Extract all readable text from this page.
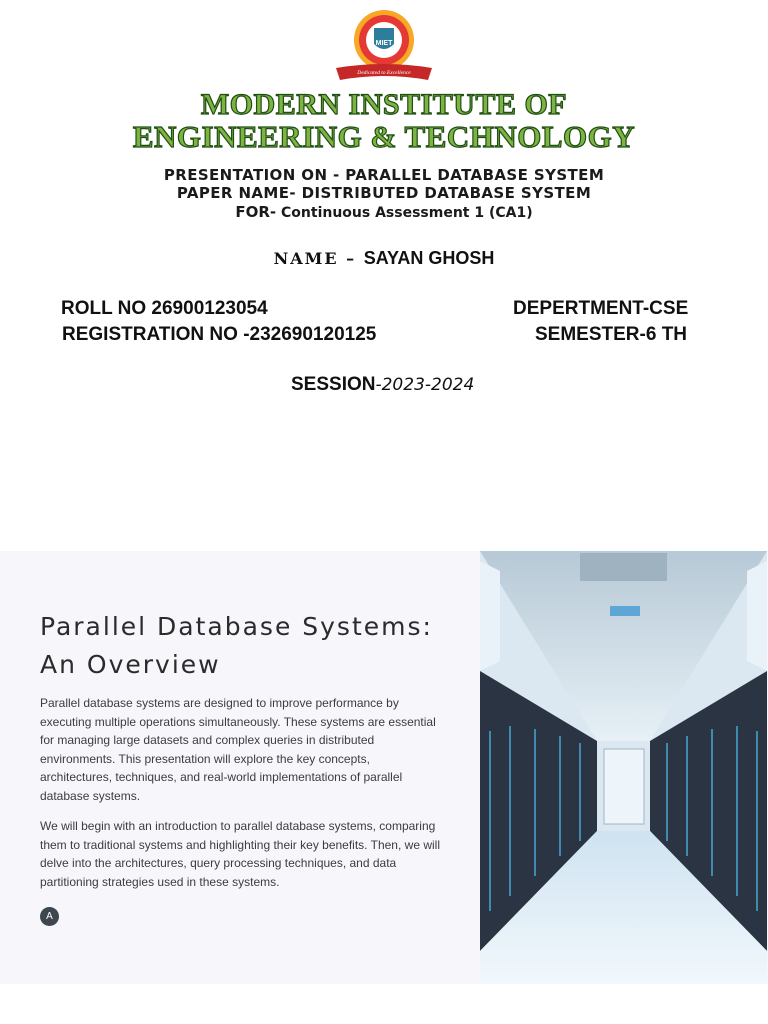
MIET
Dedicated to Excellence
MODERN INSTITUTE OF
ENGINEERING & TECHNOLOGY
PRESENTATION ON - PARALLEL DATABASE SYSTEM
PAPER NAME- DISTRIBUTED DATABASE SYSTEM
FOR- Continuous Assessment 1 (CA1)
NAME – SAYAN GHOSH
ROLL NO 26900123054
REGISTRATION NO -232690120125
DEPERTMENT-CSE
SEMESTER-6 TH
SESSION-2023-2024
Parallel Database Systems:
An Overview
Parallel database systems are designed to improve performance by executing multiple operations simultaneously. These systems are essential for managing large datasets and complex queries in distributed environments. This presentation will explore the key concepts, architectures, techniques, and real-world implementations of parallel database systems.
We will begin with an introduction to parallel database systems, comparing them to traditional systems and highlighting their key benefits. Then, we will delve into the architectures, query processing techniques, and data partitioning strategies used in these systems.
A
